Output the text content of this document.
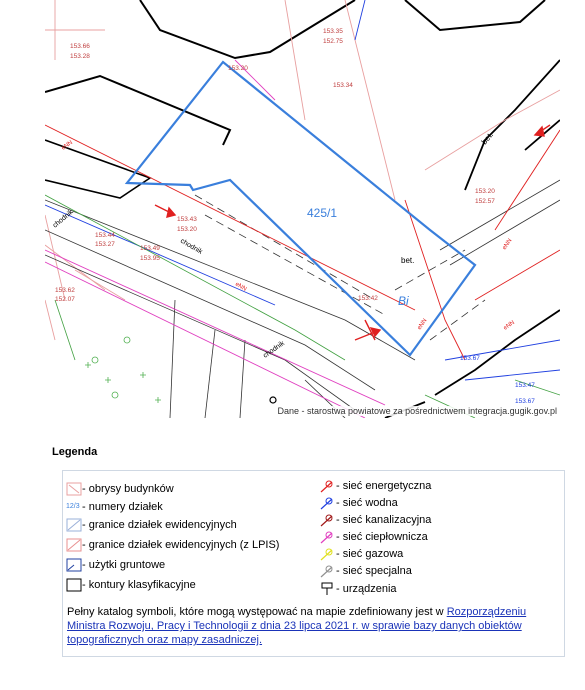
425/1
Bi
bet.
bet.
153.66
153.28
153.35
152.75
153.20
153.34
153.43
153.20
153.44
153.27
153.49
153.95
153.62
152.07	153.42
153.20
152.57
153.67
153.47
153.67
chodnik
chodnik
chodnik
eNN
eNN
eNN
eNN
eNN
Dane - starostwa powiatowe za pośrednictwem integracja.gugik.gov.pl
Legenda
- obrysy budynków
12/3 - numery działek
- granice działek ewidencyjnych
- granice działek ewidencyjnych (z LPIS)
- użytki gruntowe
- kontury klasyfikacyjne
- sieć energetyczna
- sieć wodna
- sieć kanalizacyjna
- sieć ciepłownicza
- sieć gazowa
- sieć specjalna
- urządzenia
Pełny katalog symboli, które mogą występować na mapie zdefiniowany jest w Rozporządzeniu Ministra Rozwoju, Pracy i Technologii z dnia 23 lipca 2021 r. w sprawie bazy danych obiektów topograficznych oraz mapy zasadniczej.
